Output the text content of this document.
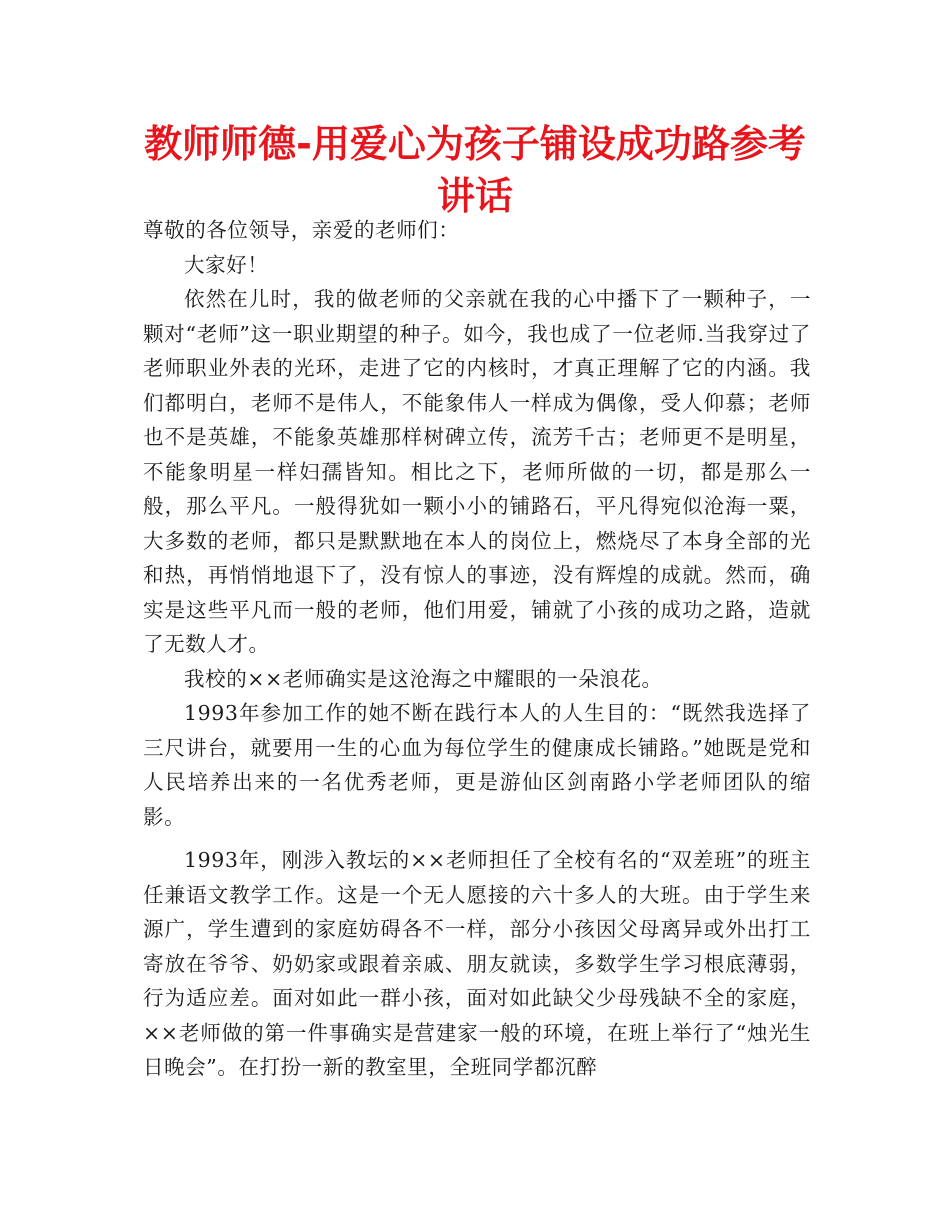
教师师德-用爱心为孩子铺设成功路参考讲话

尊敬的各位领导，亲爱的老师们：

大家好！

依然在儿时，我的做老师的父亲就在我的心中播下了一颗种子，一颗对“老师”这一职业期望的种子。如今，我也成了一位老师.当我穿过了老师职业外表的光环，走进了它的内核时，才真正理解了它的内涵。我们都明白，老师不是伟人，不能象伟人一样成为偶像，受人仰慕；老师也不是英雄，不能象英雄那样树碑立传，流芳千古；老师更不是明星，不能象明星一样妇孺皆知。相比之下，老师所做的一切，都是那么一般，那么平凡。一般得犹如一颗小小的铺路石，平凡得宛似沧海一粟，大多数的老师，都只是默默地在本人的岗位上，燃烧尽了本身全部的光和热，再悄悄地退下了，没有惊人的事迹，没有辉煌的成就。然而，确实是这些平凡而一般的老师，他们用爱，铺就了小孩的成功之路，造就了无数人才。

我校的××老师确实是这沧海之中耀眼的一朵浪花。

1993年参加工作的她不断在践行本人的人生目的：“既然我选择了三尺讲台，就要用一生的心血为每位学生的健康成长铺路。”她既是党和人民培养出来的一名优秀老师，更是游仙区剑南路小学老师团队的缩影。

1993年，刚涉入教坛的××老师担任了全校有名的“双差班”的班主任兼语文教学工作。这是一个无人愿接的六十多人的大班。由于学生来源广，学生遭到的家庭妨碍各不一样，部分小孩因父母离异或外出打工寄放在爷爷、奶奶家或跟着亲戚、朋友就读，多数学生学习根底薄弱，行为适应差。面对如此一群小孩，面对如此缺父少母残缺不全的家庭，××老师做的第一件事确实是营建家一般的环境，在班上举行了“烛光生日晚会”。在打扮一新的教室里，全班同学都沉醉
